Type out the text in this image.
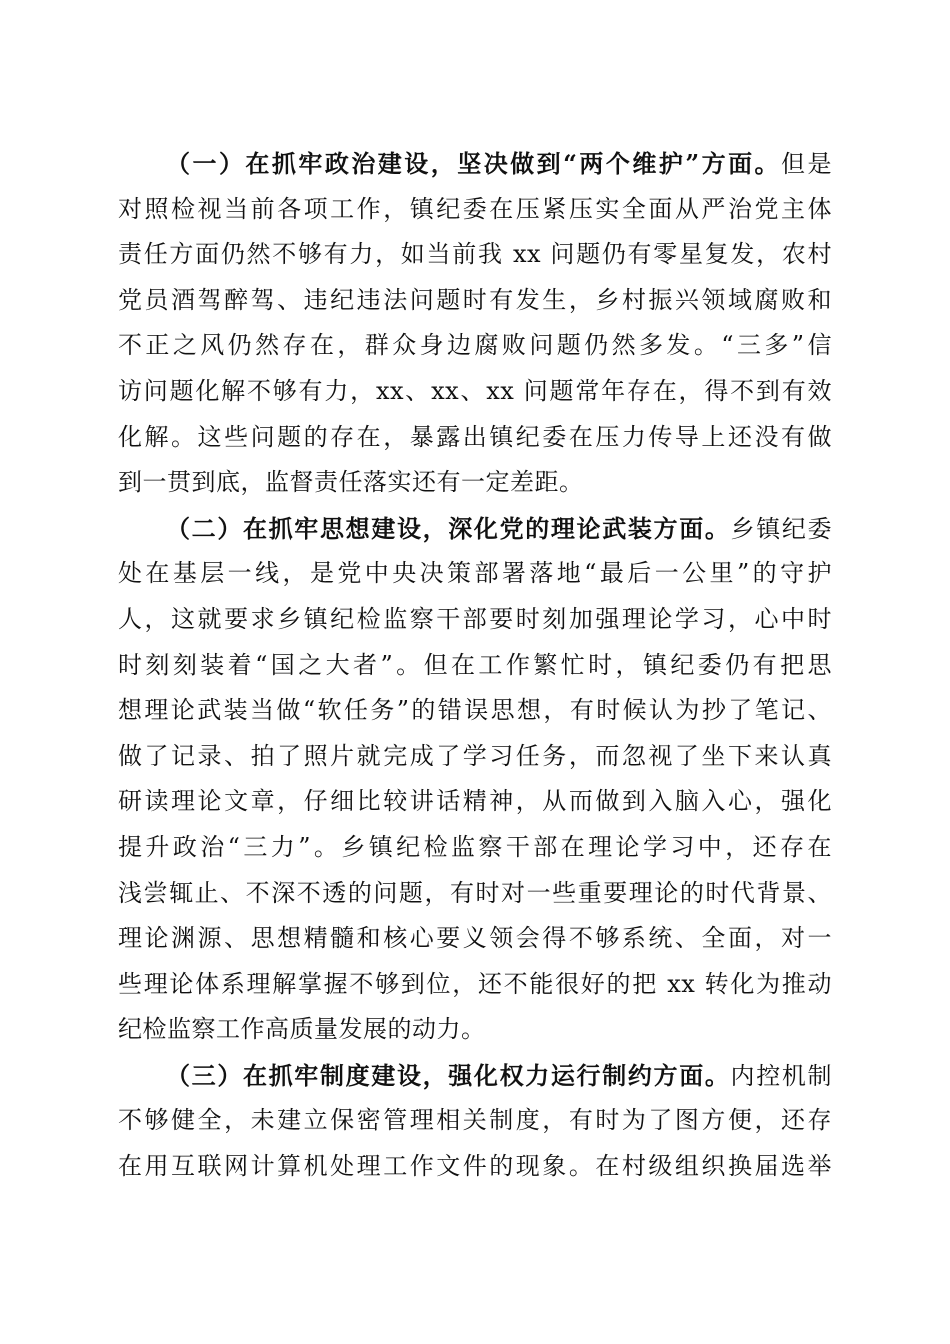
（一）在抓牢政治建设，坚决做到“两个维护”方面。但是
对照检视当前各项工作，镇纪委在压紧压实全面从严治党主体
责任方面仍然不够有力，如当前我 xx 问题仍有零星复发，农村
党员酒驾醉驾、违纪违法问题时有发生，乡村振兴领域腐败和
不正之风仍然存在，群众身边腐败问题仍然多发。“三多”信
访问题化解不够有力，xx、xx、xx 问题常年存在，得不到有效
化解。这些问题的存在，暴露出镇纪委在压力传导上还没有做
到一贯到底，监督责任落实还有一定差距。
（二）在抓牢思想建设，深化党的理论武装方面。乡镇纪委
处在基层一线，是党中央决策部署落地“最后一公里”的守护
人，这就要求乡镇纪检监察干部要时刻加强理论学习，心中时
时刻刻装着“国之大者”。但在工作繁忙时，镇纪委仍有把思
想理论武装当做“软任务”的错误思想，有时候认为抄了笔记、
做了记录、拍了照片就完成了学习任务，而忽视了坐下来认真
研读理论文章，仔细比较讲话精神，从而做到入脑入心，强化
提升政治“三力”。乡镇纪检监察干部在理论学习中，还存在
浅尝辄止、不深不透的问题，有时对一些重要理论的时代背景、
理论渊源、思想精髓和核心要义领会得不够系统、全面，对一
些理论体系理解掌握不够到位，还不能很好的把 xx 转化为推动
纪检监察工作高质量发展的动力。
（三）在抓牢制度建设，强化权力运行制约方面。内控机制
不够健全，未建立保密管理相关制度，有时为了图方便，还存
在用互联网计算机处理工作文件的现象。在村级组织换届选举
